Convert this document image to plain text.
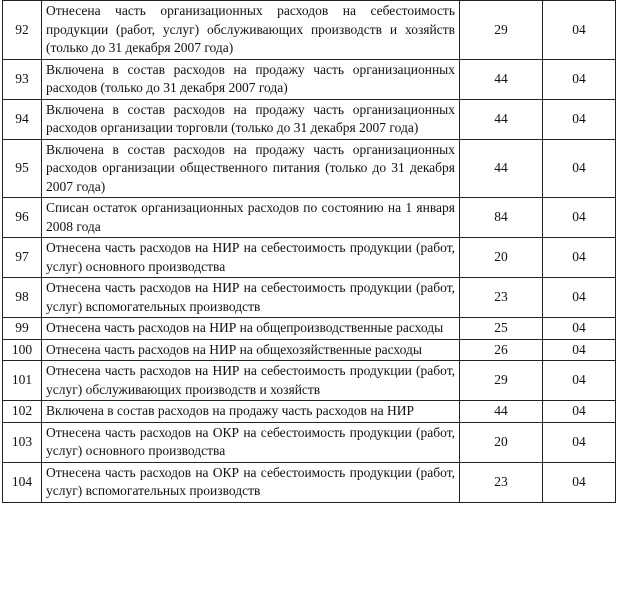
92	Отнесена часть организационных расходов на себестоимость продукции (работ, услуг) обслуживающих производств и хозяйств (только до 31 декабря 2007 года)	29	04
93	Включена в состав расходов на продажу часть организационных расходов (только до 31 декабря 2007 года)	44	04
94	Включена в состав расходов на продажу часть организационных расходов организации торговли (только до 31 декабря 2007 года)	44	04
95	Включена в состав расходов на продажу часть организационных расходов организации общественного питания (только до 31 декабря 2007 года)	44	04
96	Списан остаток организационных расходов по состоянию на 1 января 2008 года	84	04
97	Отнесена часть расходов на НИР на себестоимость продукции (работ, услуг) основного производства	20	04
98	Отнесена часть расходов на НИР на себестоимость продукции (работ, услуг) вспомогательных производств	23	04
99	Отнесена часть расходов на НИР на общепроизводственные расходы	25	04
100	Отнесена часть расходов на НИР на общехозяйственные расходы	26	04
101	Отнесена часть расходов на НИР на себестоимость продукции (работ, услуг) обслуживающих производств и хозяйств	29	04
102	Включена в состав расходов на продажу часть расходов на НИР	44	04
103	Отнесена часть расходов на ОКР на себестоимость продукции (работ, услуг) основного производства	20	04
104	Отнесена часть расходов на ОКР на себестоимость продукции (работ, услуг) вспомогательных производств	23	04
